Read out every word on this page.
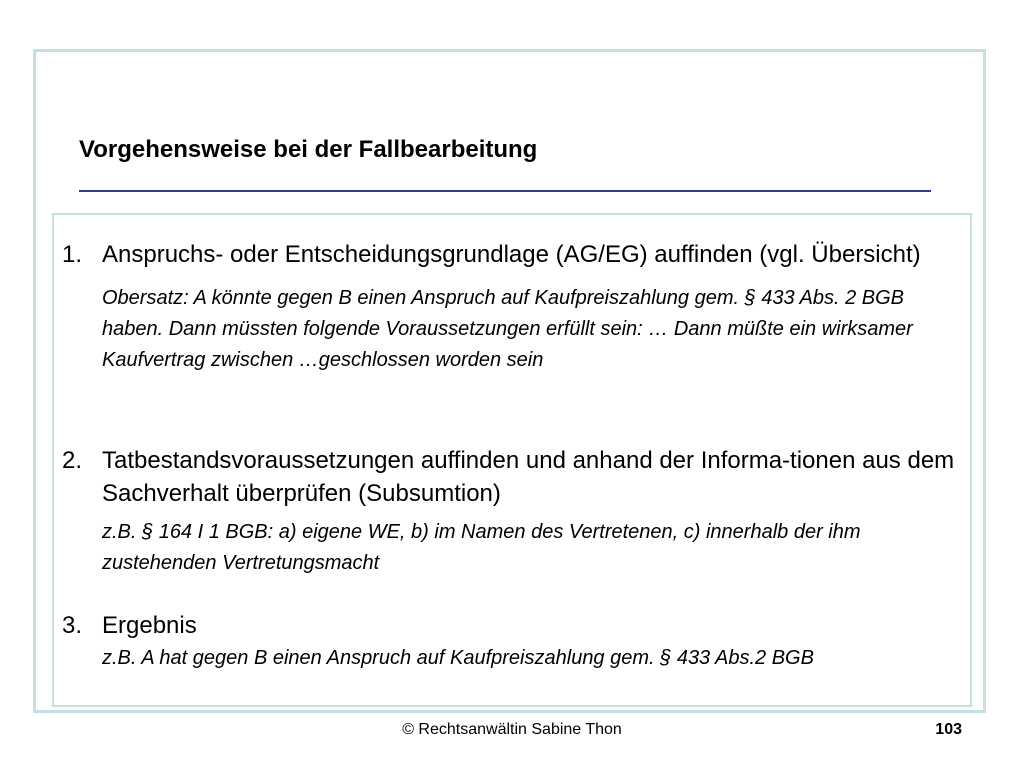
Vorgehensweise bei der Fallbearbeitung
1. Anspruchs- oder Entscheidungsgrundlage (AG/EG) auffinden (vgl. Übersicht)
Obersatz: A könnte gegen B einen Anspruch auf Kaufpreiszahlung gem. § 433 Abs. 2 BGB haben. Dann müssten folgende Voraussetzungen erfüllt sein: … Dann müßte ein wirksamer Kaufvertrag zwischen …geschlossen worden sein
2. Tatbestandsvoraussetzungen auffinden und anhand der Informa-tionen aus dem Sachverhalt überprüfen (Subsumtion)
z.B. § 164 I 1 BGB: a) eigene WE, b) im Namen des Vertretenen, c) innerhalb der ihm zustehenden Vertretungsmacht
3. Ergebnis
z.B. A hat gegen B einen Anspruch auf Kaufpreiszahlung gem. § 433 Abs.2 BGB
© Rechtsanwältin Sabine Thon	103
